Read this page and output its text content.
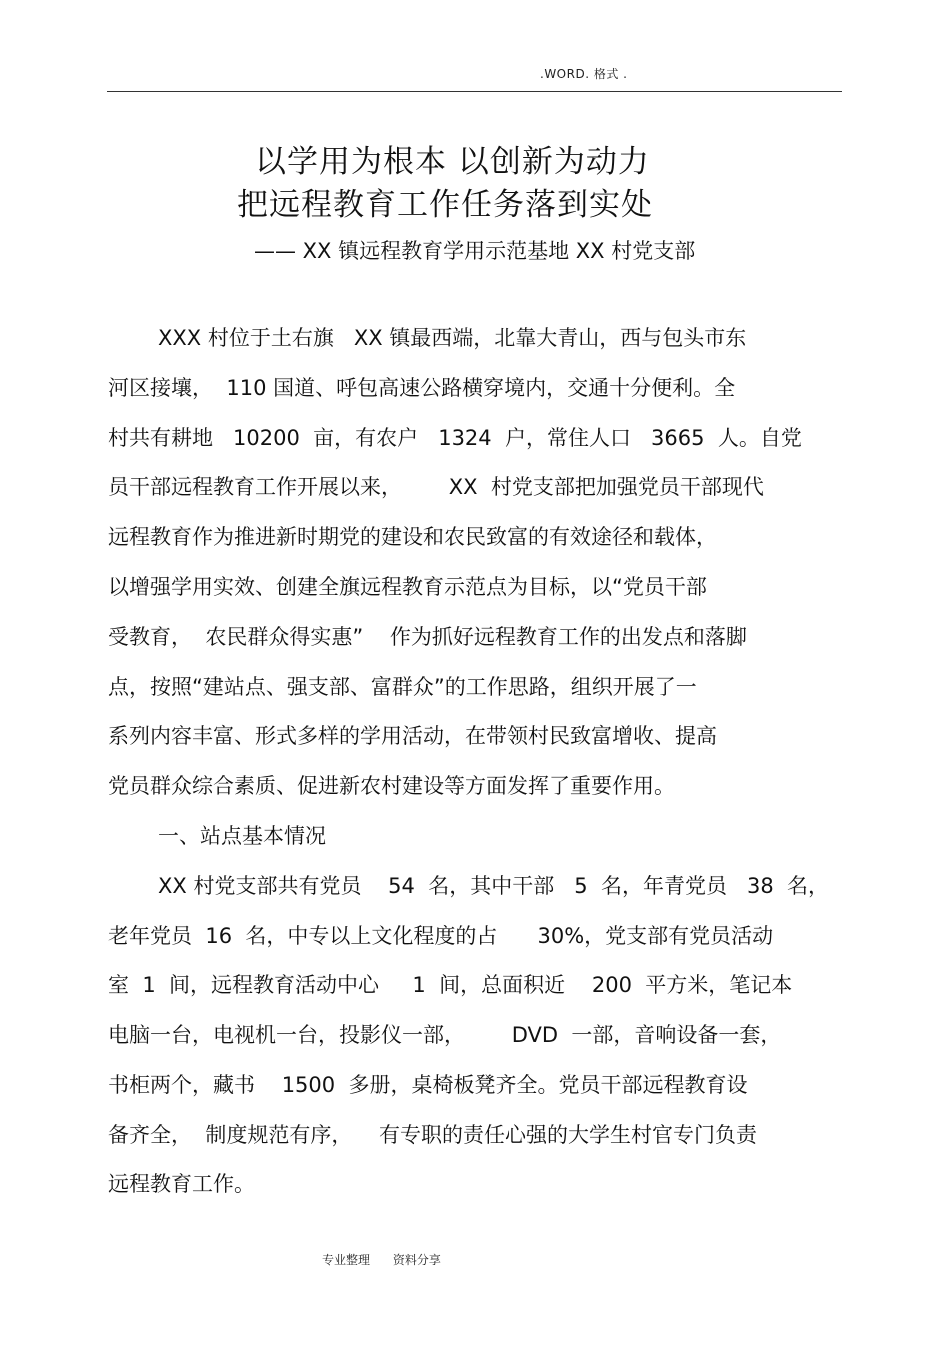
.WORD. 格式 .
以学用为根本 以创新为动力
把远程教育工作任务落到实处
—— XX 镇远程教育学用示范基地 XX 村党支部
XXX 村位于土右旗   XX 镇最西端，北靠大青山，西与包头市东
河区接壤，  110 国道、呼包高速公路横穿境内，交通十分便利。全
村共有耕地   10200  亩，有农户   1324  户，常住人口   3665  人。自党
员干部远程教育工作开展以来，       XX  村党支部把加强党员干部现代
远程教育作为推进新时期党的建设和农民致富的有效途径和载体，
以增强学用实效、创建全旗远程教育示范点为目标，以“党员干部
受教育，  农民群众得实惠”    作为抓好远程教育工作的出发点和落脚
点，按照“建站点、强支部、富群众”的工作思路，组织开展了一
系列内容丰富、形式多样的学用活动，在带领村民致富增收、提高
党员群众综合素质、促进新农村建设等方面发挥了重要作用。
一、站点基本情况
XX 村党支部共有党员    54  名，其中干部   5  名，年青党员   38  名，
老年党员  16  名，中专以上文化程度的占      30%，党支部有党员活动
室  1  间，远程教育活动中心     1  间，总面积近    200  平方米，笔记本
电脑一台，电视机一台，投影仪一部，       DVD  一部，音响设备一套，
书柜两个，藏书    1500  多册，桌椅板凳齐全。党员干部远程教育设
备齐全，  制度规范有序，    有专职的责任心强的大学生村官专门负责
远程教育工作。
专业整理      资料分享
